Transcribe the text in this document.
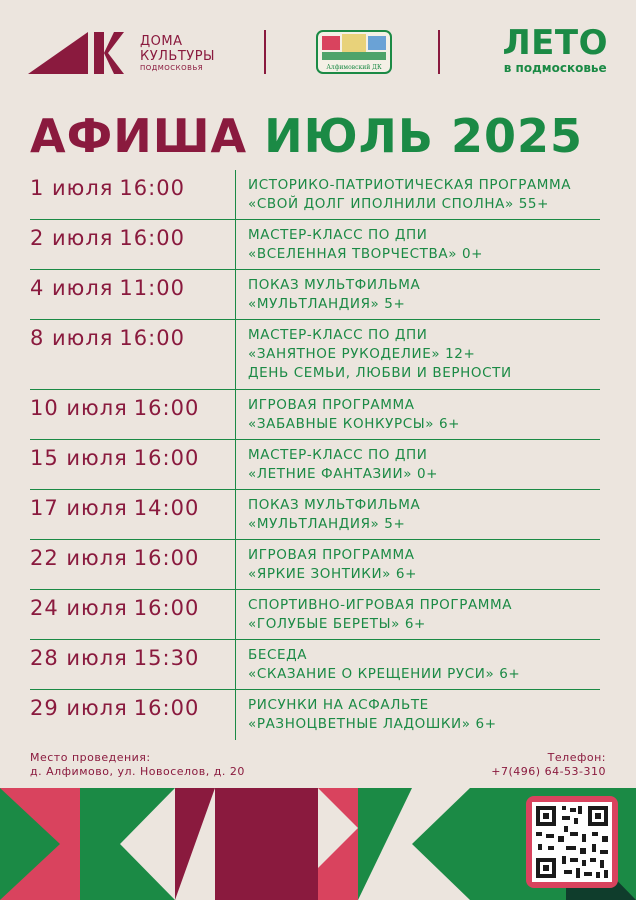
ДОМА
КУЛЬТУРЫ
ПОДМОСКОВЬЯ	Алфимовский ДК
ЛЕТО
в подмосковье
АФИША ИЮЛЬ 2025
1 июля 16:00	ИСТОРИКО-ПАТРИОТИЧЕСКАЯ ПРОГРАММА
«СВОЙ ДОЛГ ИПОЛНИЛИ СПОЛНА» 55+
2 июля 16:00	МАСТЕР-КЛАСС ПО ДПИ
«ВСЕЛЕННАЯ ТВОРЧЕСТВА» 0+
4 июля 11:00	ПОКАЗ МУЛЬТФИЛЬМА
«МУЛЬТЛАНДИЯ» 5+
8 июля 16:00	МАСТЕР-КЛАСС ПО ДПИ
«ЗАНЯТНОЕ РУКОДЕЛИЕ» 12+
ДЕНЬ СЕМЬИ, ЛЮБВИ И ВЕРНОСТИ
10 июля 16:00	ИГРОВАЯ ПРОГРАММА
«ЗАБАВНЫЕ КОНКУРСЫ» 6+
15 июля 16:00	МАСТЕР-КЛАСС ПО ДПИ
«ЛЕТНИЕ ФАНТАЗИИ» 0+
17 июля 14:00	ПОКАЗ МУЛЬТФИЛЬМА
«МУЛЬТЛАНДИЯ» 5+
22 июля 16:00	ИГРОВАЯ ПРОГРАММА
«ЯРКИЕ ЗОНТИКИ» 6+
24 июля 16:00	СПОРТИВНО-ИГРОВАЯ ПРОГРАММА
«ГОЛУБЫЕ БЕРЕТЫ» 6+
28 июля 15:30	БЕСЕДА
«СКАЗАНИЕ О КРЕЩЕНИИ РУСИ» 6+
29 июля 16:00	РИСУНКИ НА АСФАЛЬТЕ
«РАЗНОЦВЕТНЫЕ ЛАДОШКИ» 6+
Место проведения:
д. Алфимово, ул. Новоселов, д. 20
Телефон:
+7(496) 64-53-310
